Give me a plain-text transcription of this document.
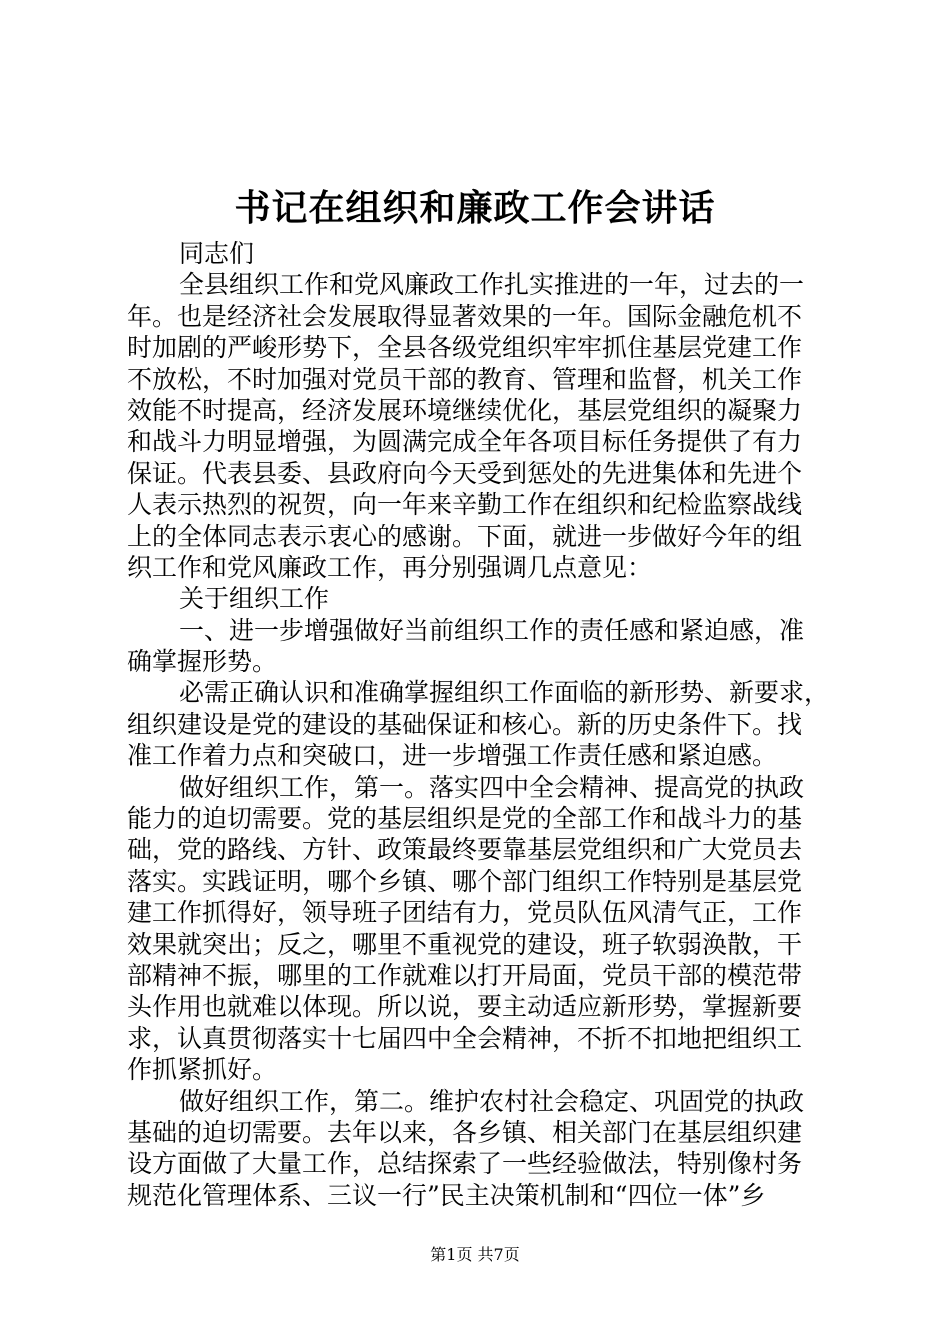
书记在组织和廉政工作会讲话
同志们
全县组织工作和党风廉政工作扎实推进的一年，过去的一
年。也是经济社会发展取得显著效果的一年。国际金融危机不
时加剧的严峻形势下，全县各级党组织牢牢抓住基层党建工作
不放松，不时加强对党员干部的教育、管理和监督，机关工作
效能不时提高，经济发展环境继续优化，基层党组织的凝聚力
和战斗力明显增强，为圆满完成全年各项目标任务提供了有力
保证。代表县委、县政府向今天受到惩处的先进集体和先进个
人表示热烈的祝贺，向一年来辛勤工作在组织和纪检监察战线
上的全体同志表示衷心的感谢。下面，就进一步做好今年的组
织工作和党风廉政工作，再分别强调几点意见：
关于组织工作
一、进一步增强做好当前组织工作的责任感和紧迫感，准
确掌握形势。
必需正确认识和准确掌握组织工作面临的新形势、新要求，
组织建设是党的建设的基础保证和核心。新的历史条件下。找
准工作着力点和突破口，进一步增强工作责任感和紧迫感。
做好组织工作，第一。落实四中全会精神、提高党的执政
能力的迫切需要。党的基层组织是党的全部工作和战斗力的基
础，党的路线、方针、政策最终要靠基层党组织和广大党员去
落实。实践证明，哪个乡镇、哪个部门组织工作特别是基层党
建工作抓得好，领导班子团结有力，党员队伍风清气正，工作
效果就突出；反之，哪里不重视党的建设，班子软弱涣散，干
部精神不振，哪里的工作就难以打开局面，党员干部的模范带
头作用也就难以体现。所以说，要主动适应新形势，掌握新要
求，认真贯彻落实十七届四中全会精神，不折不扣地把组织工
作抓紧抓好。
做好组织工作，第二。维护农村社会稳定、巩固党的执政
基础的迫切需要。去年以来，各乡镇、相关部门在基层组织建
设方面做了大量工作，总结探索了一些经验做法，特别像村务
规范化管理体系、三议一行”民主决策机制和“四位一体”乡
第1页 共7页
